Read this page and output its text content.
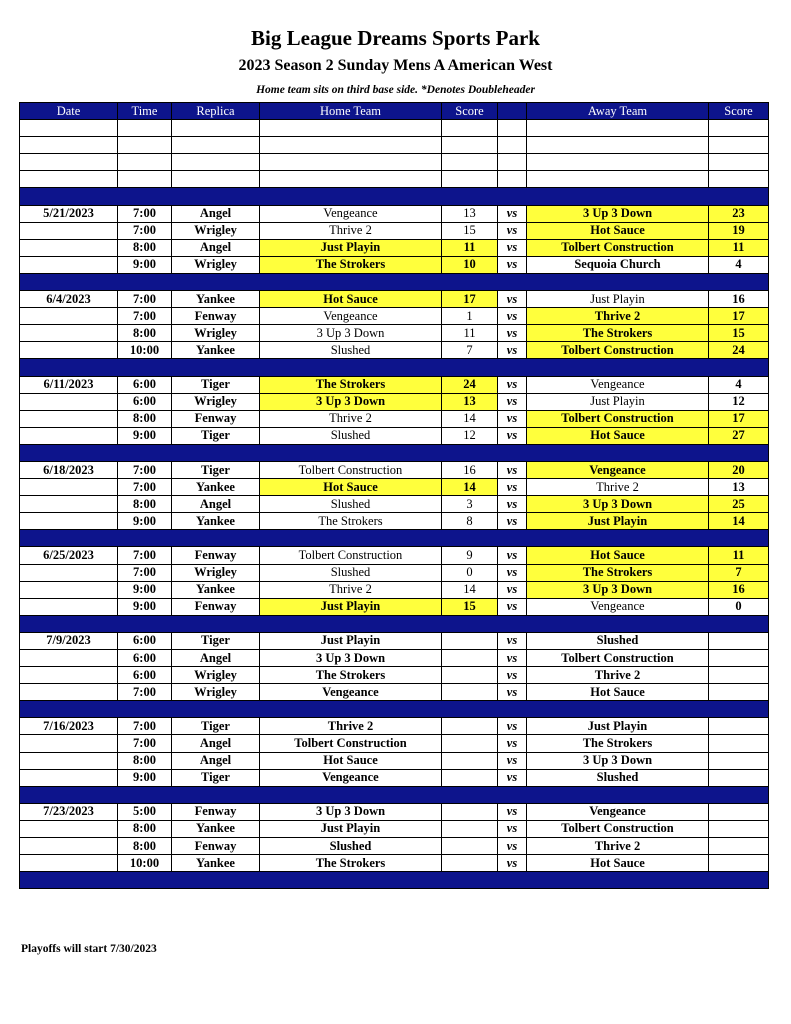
Big League Dreams Sports Park
2023 Season 2 Sunday Mens A American West
Home team sits on third base side. *Denotes Doubleheader
Date	Time	Replica	Home Team	Score		Away Team	Score

5/21/2023	7:00	Angel	Vengeance	13	vs	3 Up 3 Down	23
	7:00	Wrigley	Thrive 2	15	vs	Hot Sauce	19
	8:00	Angel	Just Playin	11	vs	Tolbert Construction	11
	9:00	Wrigley	The Strokers	10	vs	Sequoia Church	4

6/4/2023	7:00	Yankee	Hot Sauce	17	vs	Just Playin	16
	7:00	Fenway	Vengeance	1	vs	Thrive 2	17
	8:00	Wrigley	3 Up 3 Down	11	vs	The Strokers	15
	10:00	Yankee	Slushed	7	vs	Tolbert Construction	24

6/11/2023	6:00	Tiger	The Strokers	24	vs	Vengeance	4
	6:00	Wrigley	3 Up 3 Down	13	vs	Just Playin	12
	8:00	Fenway	Thrive 2	14	vs	Tolbert Construction	17
	9:00	Tiger	Slushed	12	vs	Hot Sauce	27

6/18/2023	7:00	Tiger	Tolbert Construction	16	vs	Vengeance	20
	7:00	Yankee	Hot Sauce	14	vs	Thrive 2	13
	8:00	Angel	Slushed	3	vs	3 Up 3 Down	25
	9:00	Yankee	The Strokers	8	vs	Just Playin	14

6/25/2023	7:00	Fenway	Tolbert Construction	9	vs	Hot Sauce	11
	7:00	Wrigley	Slushed	0	vs	The Strokers	7
	9:00	Yankee	Thrive 2	14	vs	3 Up 3 Down	16
	9:00	Fenway	Just Playin	15	vs	Vengeance	0

7/9/2023	6:00	Tiger	Just Playin		vs	Slushed	
	6:00	Angel	3 Up 3 Down		vs	Tolbert Construction	
	6:00	Wrigley	The Strokers		vs	Thrive 2	
	7:00	Wrigley	Vengeance		vs	Hot Sauce	

7/16/2023	7:00	Tiger	Thrive 2		vs	Just Playin	
	7:00	Angel	Tolbert Construction		vs	The Strokers	
	8:00	Angel	Hot Sauce		vs	3 Up 3 Down	
	9:00	Tiger	Vengeance		vs	Slushed	

7/23/2023	5:00	Fenway	3 Up 3 Down		vs	Vengeance	
	8:00	Yankee	Just Playin		vs	Tolbert Construction	
	8:00	Fenway	Slushed		vs	Thrive 2	
	10:00	Yankee	The Strokers		vs	Hot Sauce	

Playoffs will start 7/30/2023
